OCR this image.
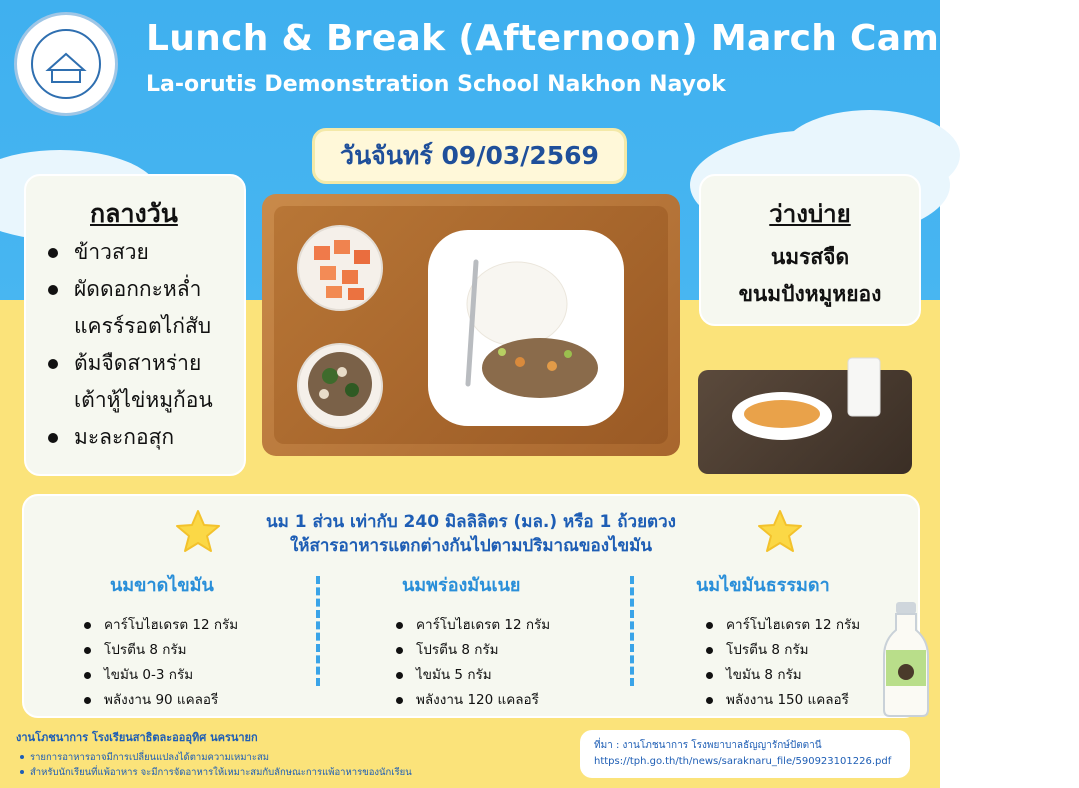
Lunch & Break (Afternoon) March Camp 2026
La-orutis Demonstration School Nakhon Nayok
วันจันทร์ 09/03/2569
กลางวัน
ข้าวสวย
ผัดดอกกะหล่ำ
แครร์รอตไก่สับ
ต้มจืดสาหร่าย
เต้าหู้ไข่หมูก้อน
มะละกอสุก
ว่างบ่าย

นมรสจืด

ขนมปังหมูหยอง

นม 1 ส่วน เท่ากับ 240 มิลลิลิตร (มล.) หรือ 1 ถ้วยตวง
ให้สารอาหารแตกต่างกันไปตามปริมาณของไขมัน
นมขาดไขมัน
คาร์โบไฮเดรต 12 กรัม
โปรตีน 8 กรัม
ไขมัน 0-3 กรัม
พลังงาน 90 แคลอรี
นมพร่องมันเนย
คาร์โบไฮเดรต 12 กรัม
โปรตีน 8 กรัม
ไขมัน 5 กรัม
พลังงาน 120 แคลอรี
นมไขมันธรรมดา
คาร์โบไฮเดรต 12 กรัม
โปรตีน 8 กรัม
ไขมัน 8 กรัม
พลังงาน 150 แคลอรี
งานโภชนาการ โรงเรียนสาธิตละอออุทิศ นครนายก
รายการอาหารอาจมีการเปลี่ยนแปลงได้ตามความเหมาะสม
สำหรับนักเรียนที่แพ้อาหาร จะมีการจัดอาหารให้เหมาะสมกับลักษณะการแพ้อาหารของนักเรียน
ที่มา : งานโภชนาการ โรงพยาบาลธัญญารักษ์ปัตตานี
https://tph.go.th/th/news/saraknaru_file/590923101226.pdf
